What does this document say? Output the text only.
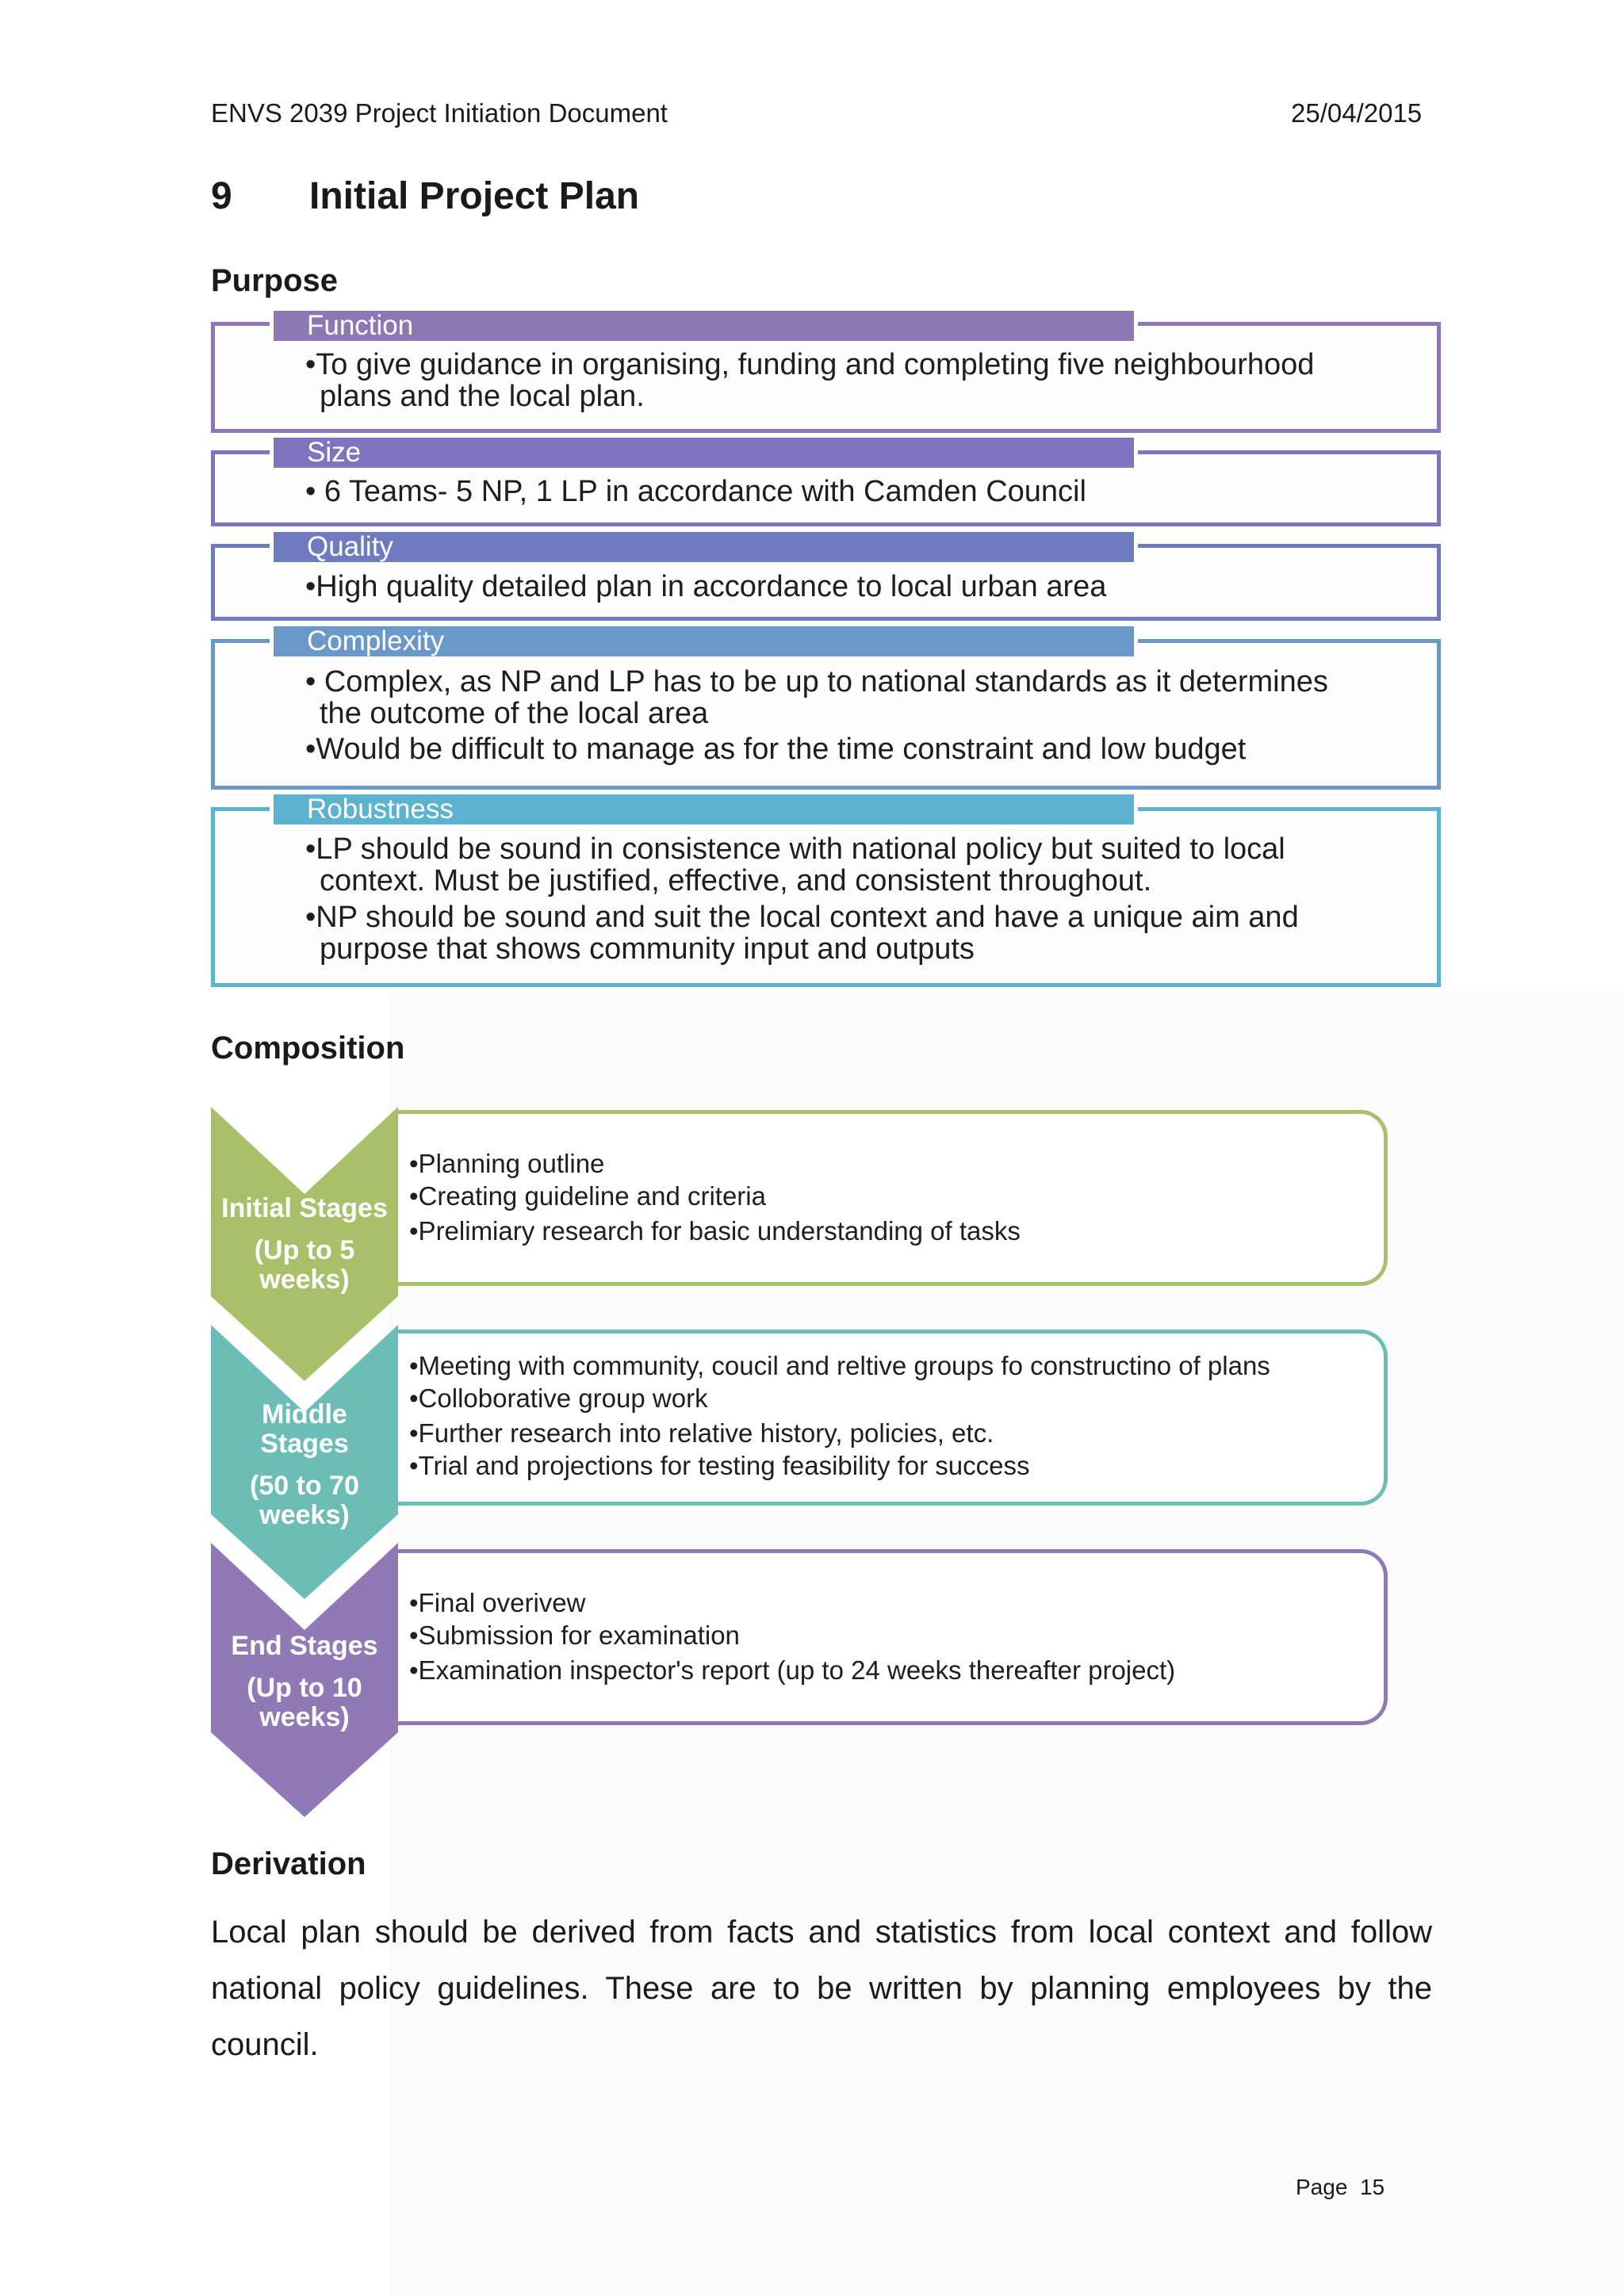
ENVS 2039 Project Initiation Document	25/04/2015
9 Initial Project Plan
Purpose
Function
•To give guidance in organising, funding and completing five neighbourhood
plans and the local plan.
Size
• 6 Teams- 5 NP, 1 LP in accordance with Camden Council
Quality
•High quality detailed plan in accordance to local urban area
Complexity
• Complex, as NP and LP has to be up to national standards as it determines
the outcome of the local area
•Would be difficult to manage as for the time constraint and low budget
Robustness
•LP should be sound in consistence with national policy but suited to local
context. Must be justified, effective, and consistent throughout.
•NP should be sound and suit the local context and have a unique aim and
purpose that shows community input and outputs
Composition
Initial Stages
(Up to 5
weeks)
Middle
Stages
(50 to 70
weeks)
End Stages
(Up to 10
weeks)
•Planning outline
•Creating guideline and criteria
•Prelimiary research for basic understanding of tasks
•Meeting with community, coucil and reltive groups fo constructino of plans
•Colloborative group work
•Further research into relative history, policies, etc.
•Trial and projections for testing feasibility for success
•Final overivew
•Submission for examination
•Examination inspector's report (up to 24 weeks thereafter project)
Derivation
Local plan should be derived from facts and statistics from local context and follow national policy guidelines. These are to be written by planning employees by the council.
Page  15
